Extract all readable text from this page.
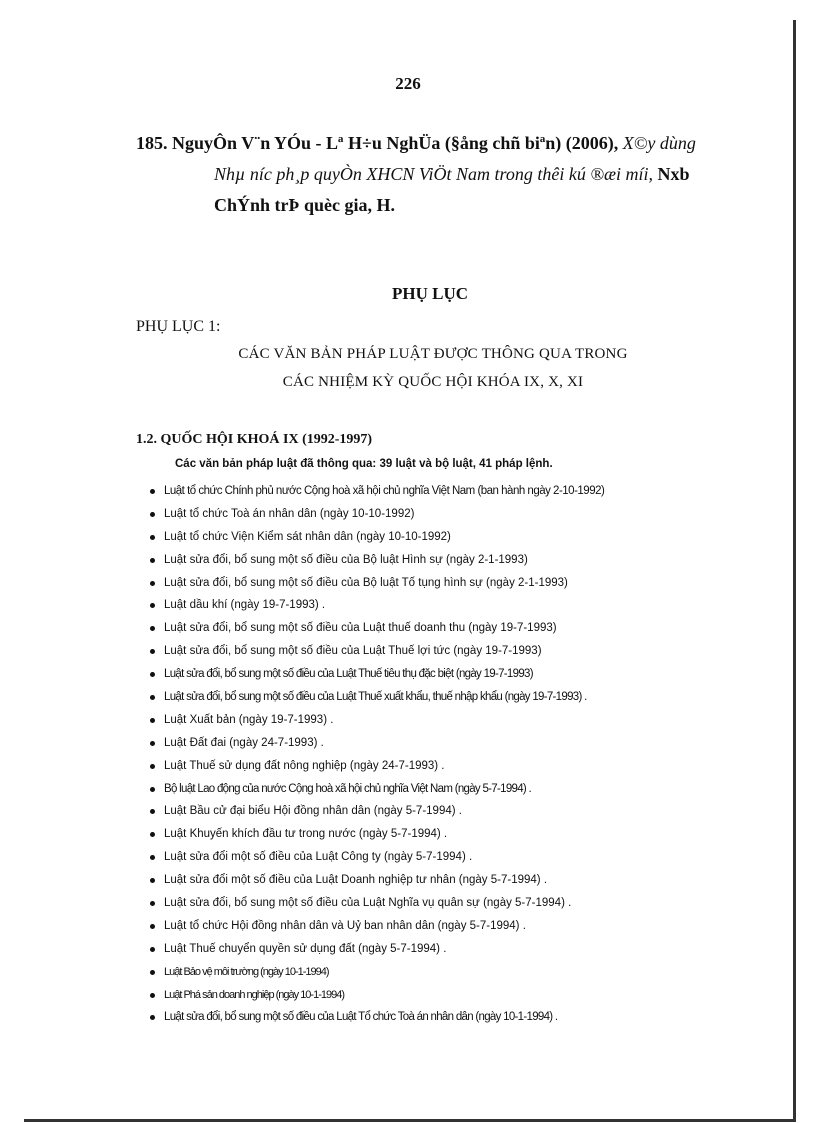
226
185. NguyÔn V¨n YÓu - Lª H÷u NghÜa (§ång chñ biªn) (2006), X©y dùng
Nhµ níc ph¸p quyÒn XHCN ViÖt Nam trong thêi kú ®æi míi, Nxb
ChÝnh trÞ quèc gia, H.
PHỤ LỤC
PHỤ LỤC 1:
CÁC VĂN BẢN PHÁP LUẬT ĐƯỢC THÔNG QUA TRONG
CÁC NHIỆM KỲ QUỐC HỘI KHÓA IX, X, XI
1.2. QUỐC HỘI KHOÁ IX (1992-1997)
Các văn bản pháp luật đã thông qua: 39 luật và bộ luật, 41 pháp lệnh.
Luật tổ chức Chính phủ nước Cộng hoà xã hội chủ nghĩa Việt Nam (ban hành ngày 2-10-1992)
Luật tổ chức Toà án nhân dân (ngày 10-10-1992)
Luật tổ chức Viện Kiểm sát nhân dân (ngày 10-10-1992)
Luật sửa đổi, bổ sung một số điều của Bộ luật Hình sự (ngày 2-1-1993)
Luật sửa đổi, bổ sung một số điều của Bộ luật Tố tụng hình sự (ngày 2-1-1993)
Luật dầu khí (ngày 19-7-1993) .
Luật sửa đổi, bổ sung một số điều của Luật thuế doanh thu (ngày 19-7-1993)
Luật sửa đổi, bổ sung một số điều của Luật Thuế lợi tức (ngày 19-7-1993)
Luật sửa đổi, bổ sung một số điều của Luật Thuế tiêu thụ đặc biệt (ngày 19-7-1993)
Luật sửa đổi, bổ sung một số điều của Luật Thuế xuất khẩu, thuế nhập khẩu (ngày 19-7-1993) .
Luật Xuất bản (ngày 19-7-1993) .
Luật Đất đai (ngày 24-7-1993) .
Luật Thuế sử dụng đất nông nghiệp (ngày 24-7-1993) .
Bộ luật Lao động của nước Cộng hoà xã hội chủ nghĩa Việt Nam (ngày 5-7-1994) .
Luật Bầu cử đại biểu Hội đồng nhân dân (ngày 5-7-1994) .
Luật Khuyến khích đầu tư trong nước (ngày 5-7-1994) .
Luật sửa đổi một số điều của Luật Công ty (ngày 5-7-1994) .
Luật sửa đổi một số điều của Luật Doanh nghiệp tư nhân (ngày 5-7-1994) .
Luật sửa đổi, bổ sung một số điều của Luật Nghĩa vụ quân sự (ngày 5-7-1994) .
Luật tổ chức Hội đồng nhân dân và Uỷ ban nhân dân (ngày 5-7-1994) .
Luật Thuế chuyển quyền sử dụng đất (ngày 5-7-1994) .
Luật Bảo vệ môi trường (ngày 10-1-1994)
Luật Phá sản doanh nghiệp (ngày 10-1-1994)
Luật sửa đổi, bổ sung một số điều của Luật Tổ chức Toà án nhân dân (ngày 10-1-1994) .
